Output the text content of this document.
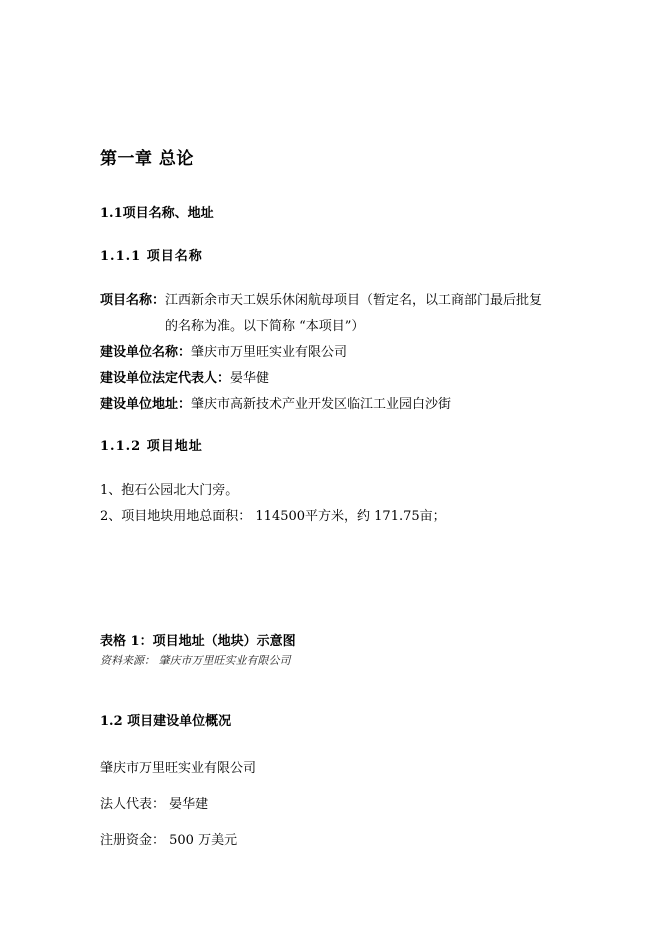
第一章 总论
1.1项目名称、地址
1.1.1 项目名称
项目名称：江西新余市天工娱乐休闲航母项目（暂定名，以工商部门最后批复
的名称为准。以下简称 “本项目”）
建设单位名称：肇庆市万里旺实业有限公司
建设单位法定代表人：晏华健
建设单位地址：肇庆市高新技术产业开发区临江工业园白沙街
1.1.2 项目地址
1、抱石公园北大门旁。
2、项目地块用地总面积： 114500平方米，约 171.75亩；
表格 1：项目地址（地块）示意图
资料来源： 肇庆市万里旺实业有限公司
1.2 项目建设单位概况
肇庆市万里旺实业有限公司
法人代表： 晏华建
注册资金： 500 万美元
